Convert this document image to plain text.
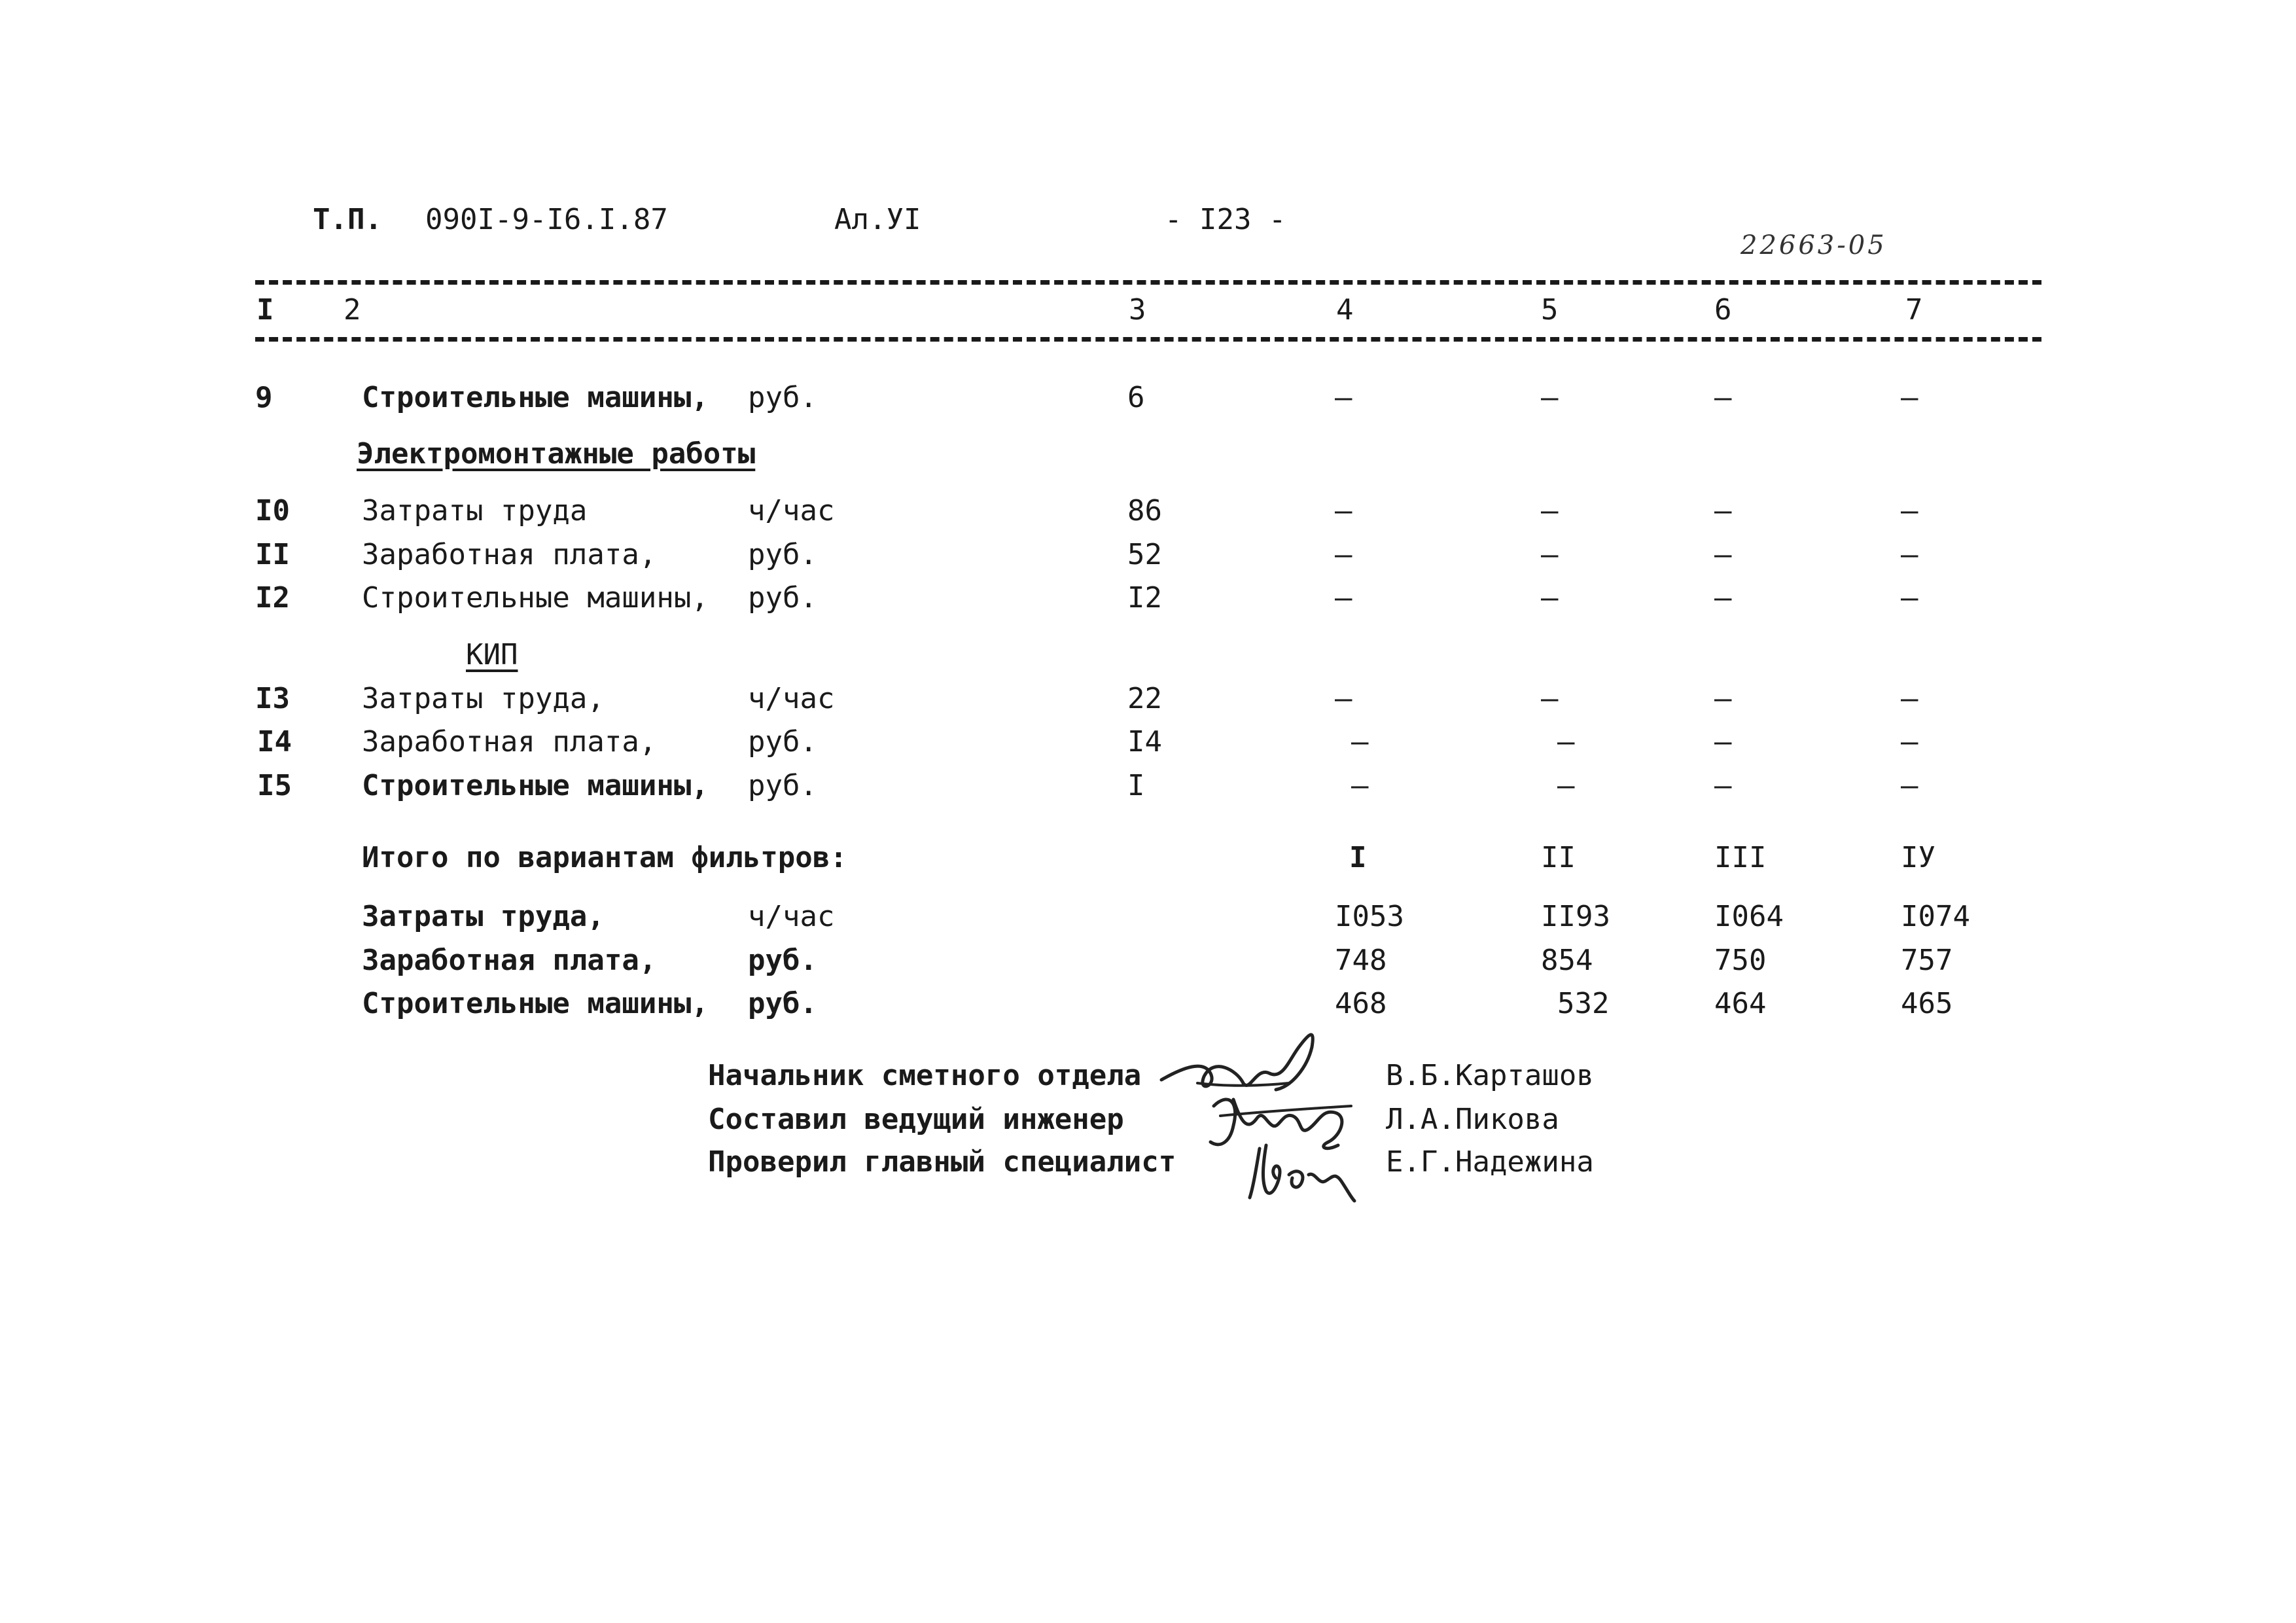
Т.П. 090I-9-I6.I.87	Ал.УI	- I23 -
22663-05
I 2	3	4	5	6	7
9	Строительные машины, руб.	6	–	–	–	–
Электромонтажные работы
I0	Затраты труда	ч/час	86	–	–	–	–
II	Заработная плата,	руб.	52	–	–	–	–
I2	Строительные машины, руб.	I2	–	–	–	–
КИП
I3	Затраты труда,	ч/час	22	–	–	–	–
I4 Заработная плата,	руб.	I4	–	–	–	–
I5 Строительные машины, руб.	I	–	–	–	–
Итого по вариантам фильтров:	I	II	III	IУ
Затраты труда,	ч/час	I053	II93	I064	I074
Заработная плата,	руб.	748	854	750	757
Строительные машины, руб.	468	532	464	465
Начальник сметного отдела	В.Б.Карташов
Составил ведущий инженер	Л.А.Пикова
Проверил главный специалист	Е.Г.Надежина
